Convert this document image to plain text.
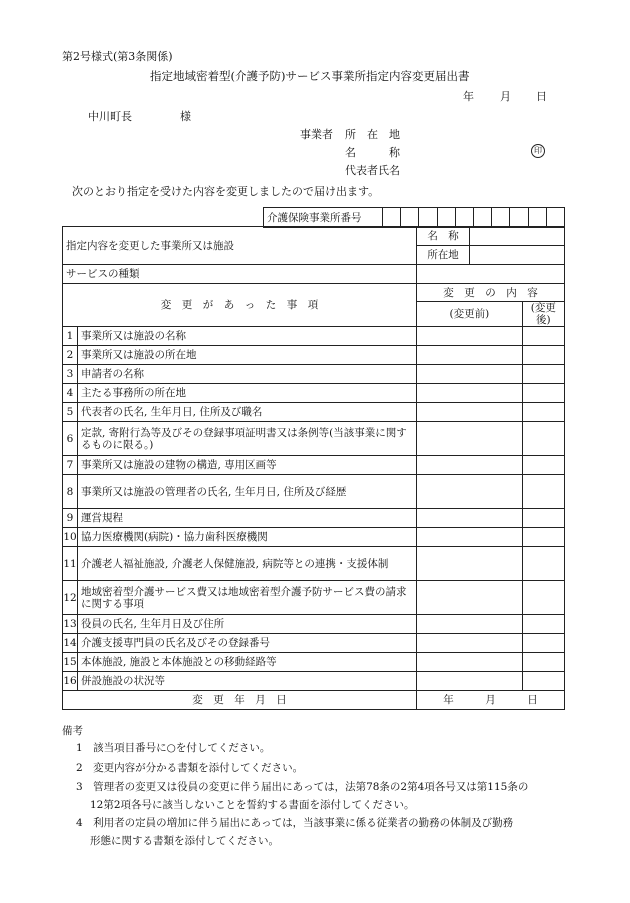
第2号様式(第3条関係)
指定地域密着型(介護予防)サービス事業所指定内容変更届出書
年 月 日
中川町長	様
事業者 所　在　地
名　　　称	印
代表者氏名
次のとおり指定を受けた内容を変更しましたので届け出ます。
介護保険事業所番号										
指定内容を変更した事業所又は施設		名　称		
		所在地		
サービスの種類				
変　更　が　あ　っ　た　事　項		変　更　の　内　容		
		(変更前)		(変更後)
1	事業所又は施設の名称			
2	事業所又は施設の所在地			
3	申請者の名称			
4	主たる事務所の所在地			
5	代表者の氏名, 生年月日, 住所及び職名			
6	定款, 寄附行為等及びその登録事項証明書又は条例等(当該事業に関するものに限る。)			
7	事業所又は施設の建物の構造, 専用区画等			
8	事業所又は施設の管理者の氏名, 生年月日, 住所及び経歴			
9	運営規程			
10	協力医療機関(病院)・協力歯科医療機関			
11	介護老人福祉施設, 介護老人保健施設, 病院等との連携・支援体制			
12	地域密着型介護サービス費又は地域密着型介護予防サービス費の請求に関する事項			
13	役員の氏名, 生年月日及び住所			
14	介護支援専門員の氏名及びその登録番号			
15	本体施設, 施設と本体施設との移動経路等			
16	併設施設の状況等			
変　更　年　月　日		年　　　月　　　日		
備考
1　該当項目番号に○を付してください。
2　変更内容が分かる書類を添付してください。
3　管理者の変更又は役員の変更に伴う届出にあっては，法第78条の2第4項各号又は第115条の
12第2項各号に該当しないことを誓約する書面を添付してください。
4　利用者の定員の増加に伴う届出にあっては，当該事業に係る従業者の勤務の体制及び勤務
形態に関する書類を添付してください。
